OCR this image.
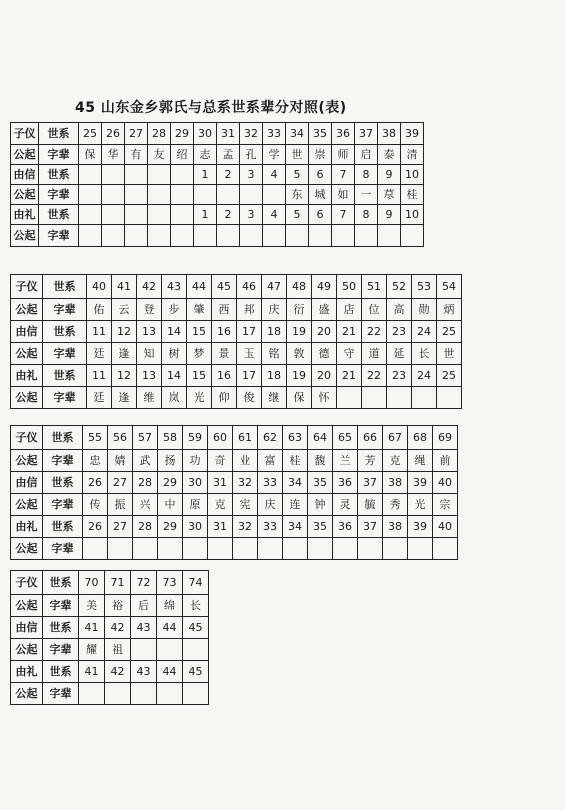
45 山东金乡郭氏与总系世系辈分对照(表)
子仪	世系	25	26	27	28	29	30	31	32	33	34	35	36	37	38	39
公起	字辈	保	华	有	友	绍	志	孟	孔	学	世	崇	师	启	泰	清
由信	世系						1	2	3	4	5	6	7	8	9	10
公起	字辈										东	城	如	一	荩	桂
由礼	世系						1	2	3	4	5	6	7	8	9	10
公起	字辈															
子仪	世系	40	41	42	43	44	45	46	47	48	49	50	51	52	53	54
公起	字辈	佑	云	登	步	肇	西	邦	庆	衍	盛	店	位	高	勋	炳
由信	世系	11	12	13	14	15	16	17	18	19	20	21	22	23	24	25
公起	字辈	廷	逢	知	树	梦	景	玉	铭	敦	德	守	道	延	长	世
由礼	世系	11	12	13	14	15	16	17	18	19	20	21	22	23	24	25
公起	字辈	廷	逢	维	岚	光	仰	俊	继	保	怀					
子仪	世系	55	56	57	58	59	60	61	62	63	64	65	66	67	68	69
公起	字辈	忠	婧	武	扬	功	奇	业	富	桂	馥	兰	芳	克	绳	前
由信	世系	26	27	28	29	30	31	32	33	34	35	36	37	38	39	40
公起	字辈	传	振	兴	中	原	克	宪	庆	连	钟	灵	毓	秀	光	宗
由礼	世系	26	27	28	29	30	31	32	33	34	35	36	37	38	39	40
公起	字辈															
子仪	世系	70	71	72	73	74
公起	字辈	美	裕	后	绵	长
由信	世系	41	42	43	44	45
公起	字辈	耀	祖			
由礼	世系	41	42	43	44	45
公起	字辈					
